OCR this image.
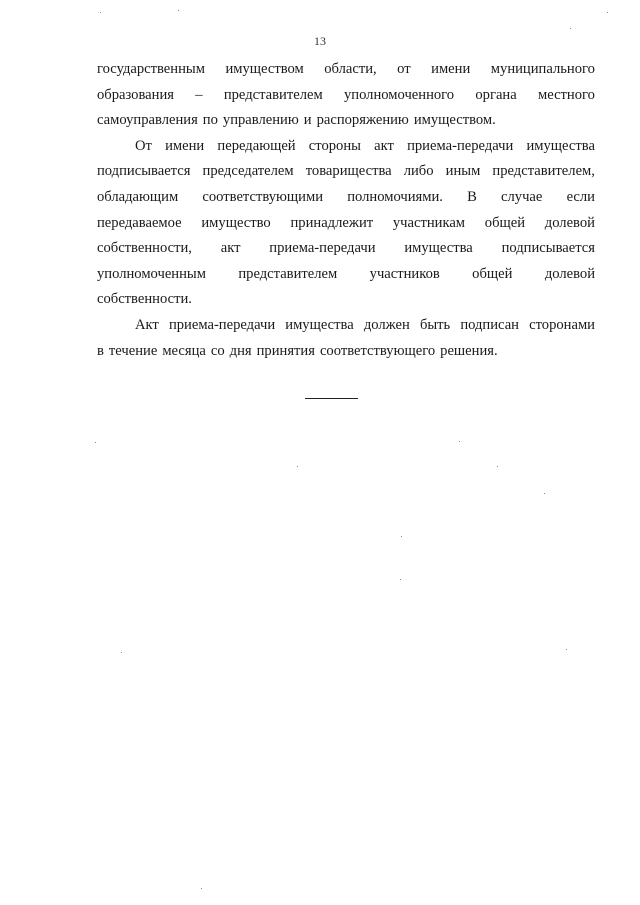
13
государственным имуществом области, от имени муниципального
образования – представителем уполномоченного органа местного
самоуправления по управлению и распоряжению имуществом.
От имени передающей стороны акт приема-передачи имущества
подписывается председателем товарищества либо иным представителем,
обладающим соответствующими полномочиями. В случае если
передаваемое имущество принадлежит участникам общей долевой
собственности, акт приема-передачи имущества подписывается
уполномоченным представителем участников общей долевой
собственности.
Акт приема-передачи имущества должен быть подписан сторонами
в течение месяца со дня принятия соответствующего решения.
